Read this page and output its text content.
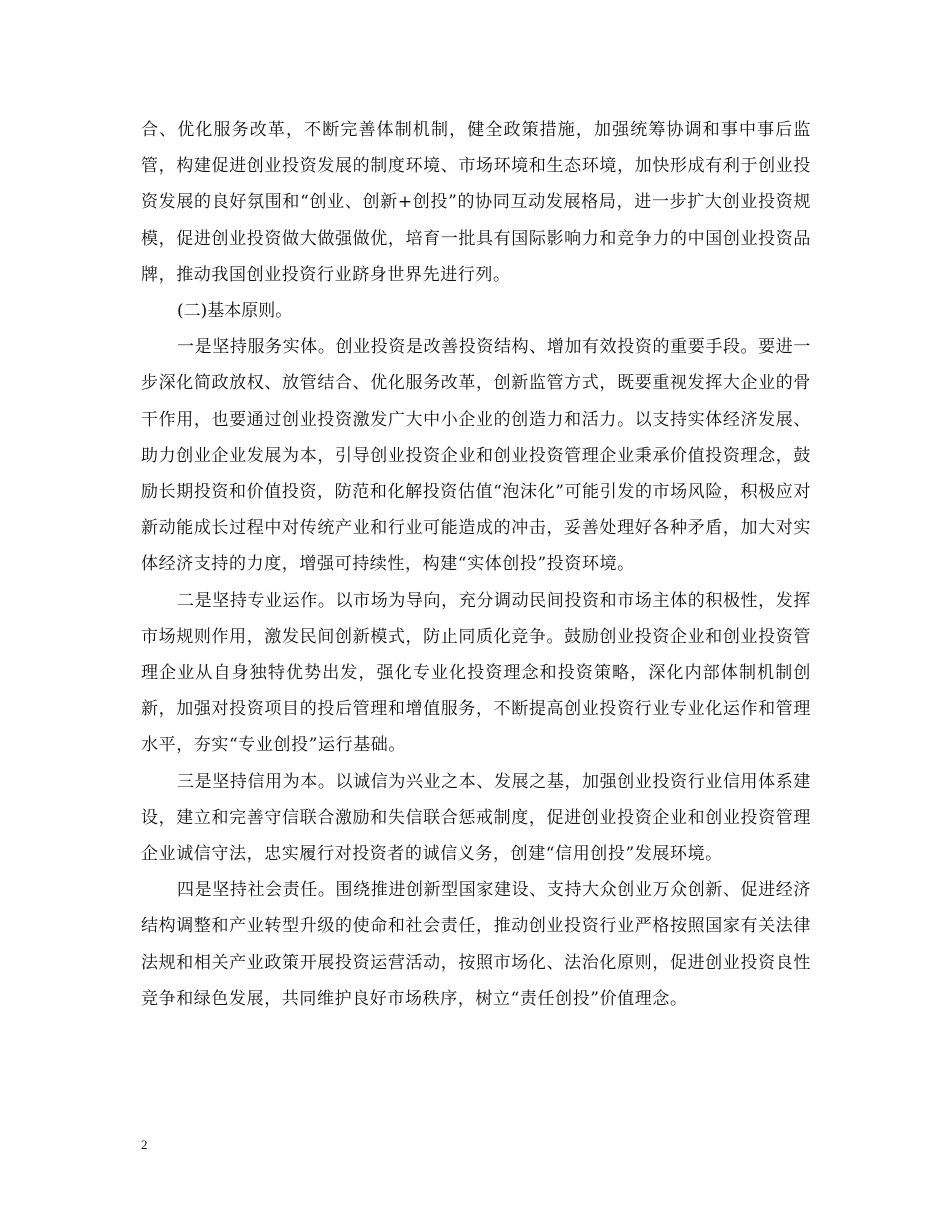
合、优化服务改革，不断完善体制机制，健全政策措施，加强统筹协调和事中事后监管，构建促进创业投资发展的制度环境、市场环境和生态环境，加快形成有利于创业投资发展的良好氛围和“创业、创新+创投”的协同互动发展格局，进一步扩大创业投资规模，促进创业投资做大做强做优，培育一批具有国际影响力和竞争力的中国创业投资品牌，推动我国创业投资行业跻身世界先进行列。

(二)基本原则。

一是坚持服务实体。创业投资是改善投资结构、增加有效投资的重要手段。要进一步深化简政放权、放管结合、优化服务改革，创新监管方式，既要重视发挥大企业的骨干作用，也要通过创业投资激发广大中小企业的创造力和活力。以支持实体经济发展、助力创业企业发展为本，引导创业投资企业和创业投资管理企业秉承价值投资理念，鼓励长期投资和价值投资，防范和化解投资估值“泡沫化”可能引发的市场风险，积极应对新动能成长过程中对传统产业和行业可能造成的冲击，妥善处理好各种矛盾，加大对实体经济支持的力度，增强可持续性，构建“实体创投”投资环境。

二是坚持专业运作。以市场为导向，充分调动民间投资和市场主体的积极性，发挥市场规则作用，激发民间创新模式，防止同质化竞争。鼓励创业投资企业和创业投资管理企业从自身独特优势出发，强化专业化投资理念和投资策略，深化内部体制机制创新，加强对投资项目的投后管理和增值服务，不断提高创业投资行业专业化运作和管理水平，夯实“专业创投”运行基础。

三是坚持信用为本。以诚信为兴业之本、发展之基，加强创业投资行业信用体系建设，建立和完善守信联合激励和失信联合惩戒制度，促进创业投资企业和创业投资管理企业诚信守法，忠实履行对投资者的诚信义务，创建“信用创投”发展环境。

四是坚持社会责任。围绕推进创新型国家建设、支持大众创业万众创新、促进经济结构调整和产业转型升级的使命和社会责任，推动创业投资行业严格按照国家有关法律法规和相关产业政策开展投资运营活动，按照市场化、法治化原则，促进创业投资良性竞争和绿色发展，共同维护良好市场秩序，树立“责任创投”价值理念。

2
